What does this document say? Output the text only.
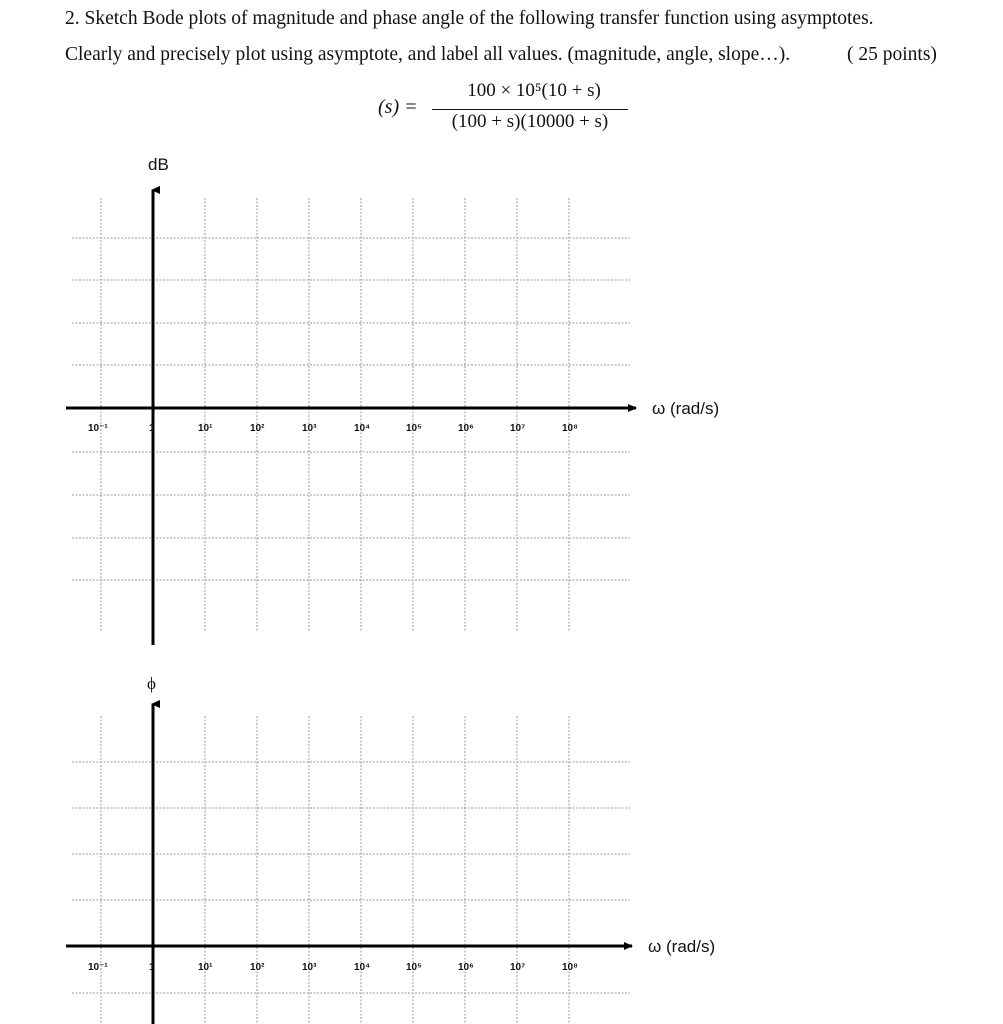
2. Sketch Bode plots of magnitude and phase angle of the following transfer function using asymptotes.
Clearly and precisely plot using asymptote, and label all values. (magnitude, angle, slope…).	( 25 points)
(s) =
100 × 10⁵(10 + s)
(100 + s)(10000 + s)
dB
ω (rad/s)
10⁻¹	1	10¹	10²	10³	10⁴	10⁵	10⁶	10⁷	10⁸
ϕ
ω (rad/s)
10⁻¹	1	10¹	10²	10³	10⁴	10⁵	10⁶	10⁷	10⁸
